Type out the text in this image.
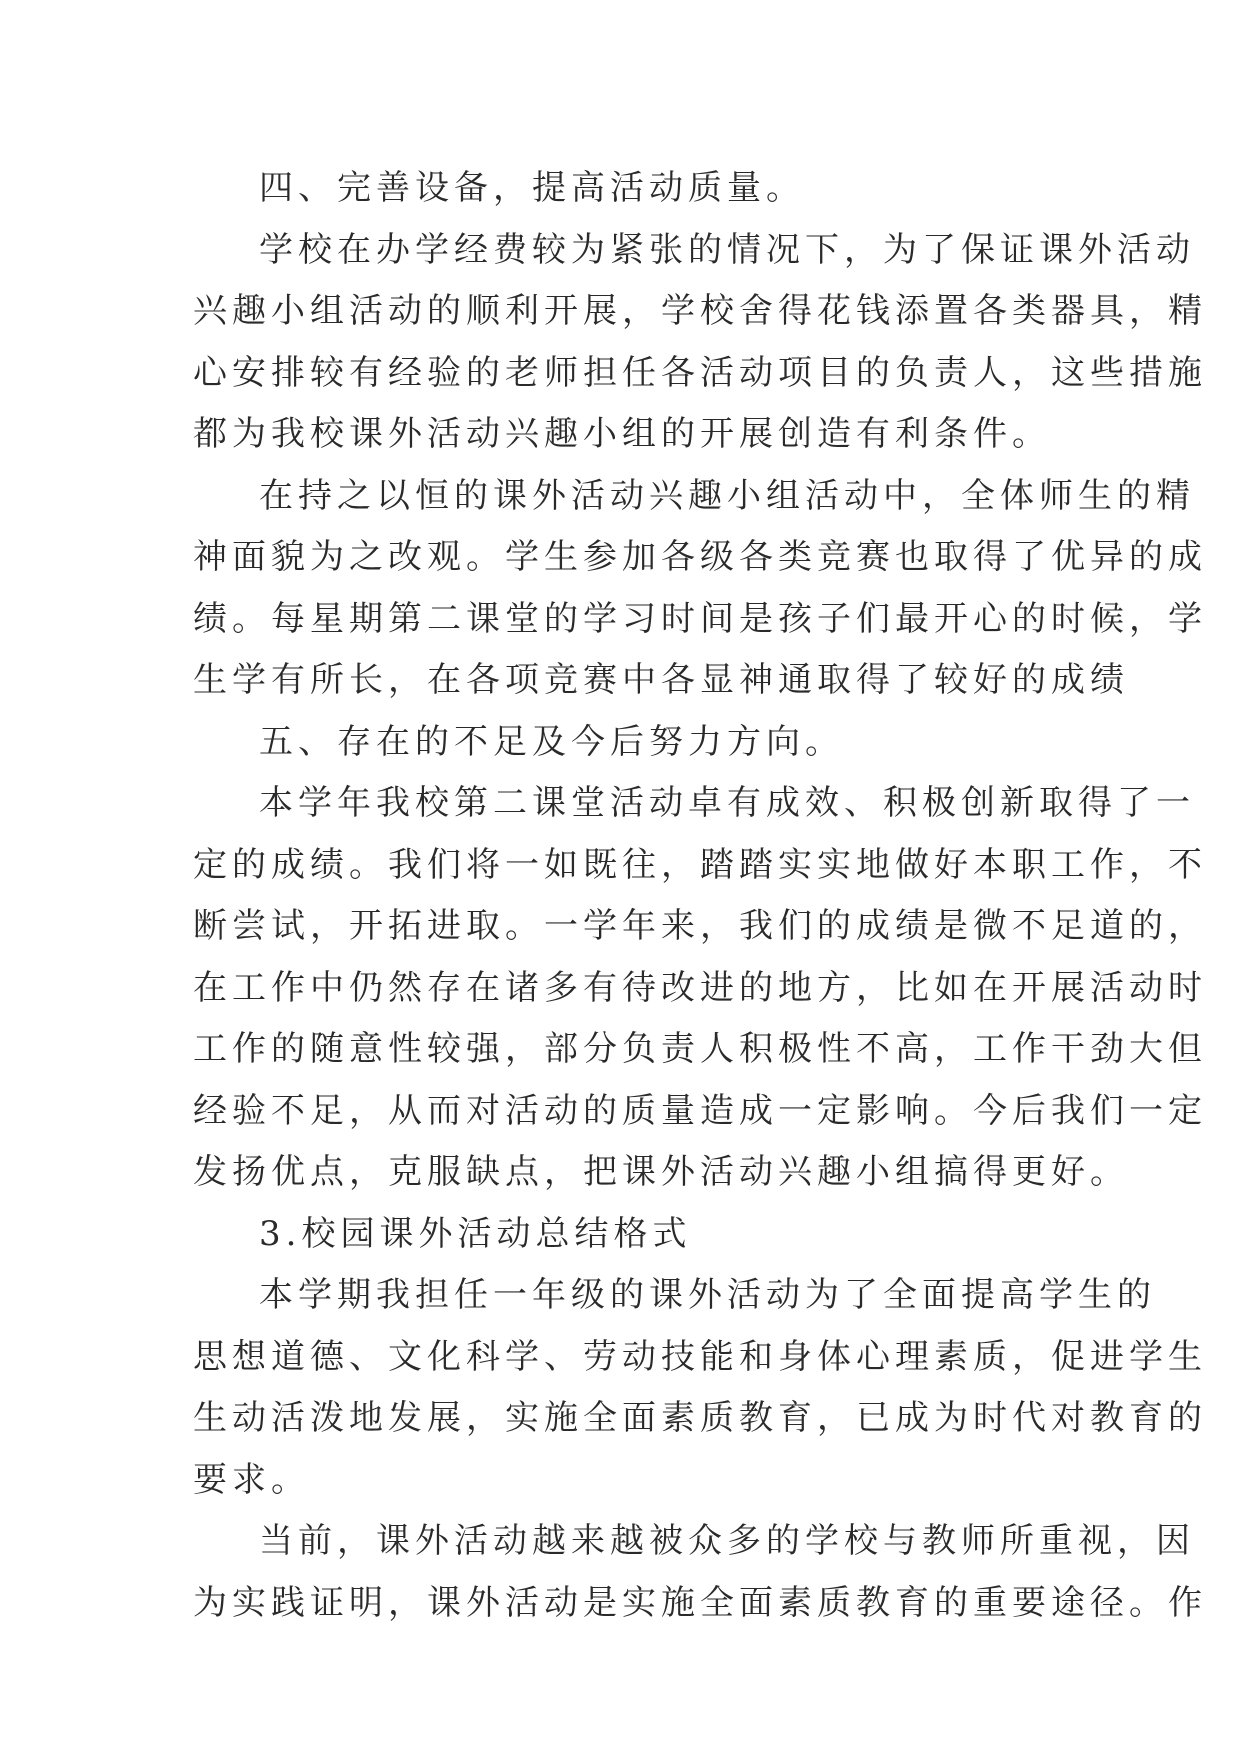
四、完善设备，提高活动质量。
学校在办学经费较为紧张的情况下，为了保证课外活动
兴趣小组活动的顺利开展，学校舍得花钱添置各类器具，精
心安排较有经验的老师担任各活动项目的负责人，这些措施
都为我校课外活动兴趣小组的开展创造有利条件。
在持之以恒的课外活动兴趣小组活动中，全体师生的精
神面貌为之改观。学生参加各级各类竞赛也取得了优异的成
绩。每星期第二课堂的学习时间是孩子们最开心的时候，学
生学有所长，在各项竞赛中各显神通取得了较好的成绩
五、存在的不足及今后努力方向。
本学年我校第二课堂活动卓有成效、积极创新取得了一
定的成绩。我们将一如既往，踏踏实实地做好本职工作，不
断尝试，开拓进取。一学年来，我们的成绩是微不足道的，
在工作中仍然存在诸多有待改进的地方，比如在开展活动时
工作的随意性较强，部分负责人积极性不高，工作干劲大但
经验不足，从而对活动的质量造成一定影响。今后我们一定
发扬优点，克服缺点，把课外活动兴趣小组搞得更好。
3.校园课外活动总结格式
本学期我担任一年级的课外活动为了全面提高学生的
思想道德、文化科学、劳动技能和身体心理素质，促进学生
生动活泼地发展，实施全面素质教育，已成为时代对教育的
要求。
当前，课外活动越来越被众多的学校与教师所重视，因
为实践证明，课外活动是实施全面素质教育的重要途径。作
